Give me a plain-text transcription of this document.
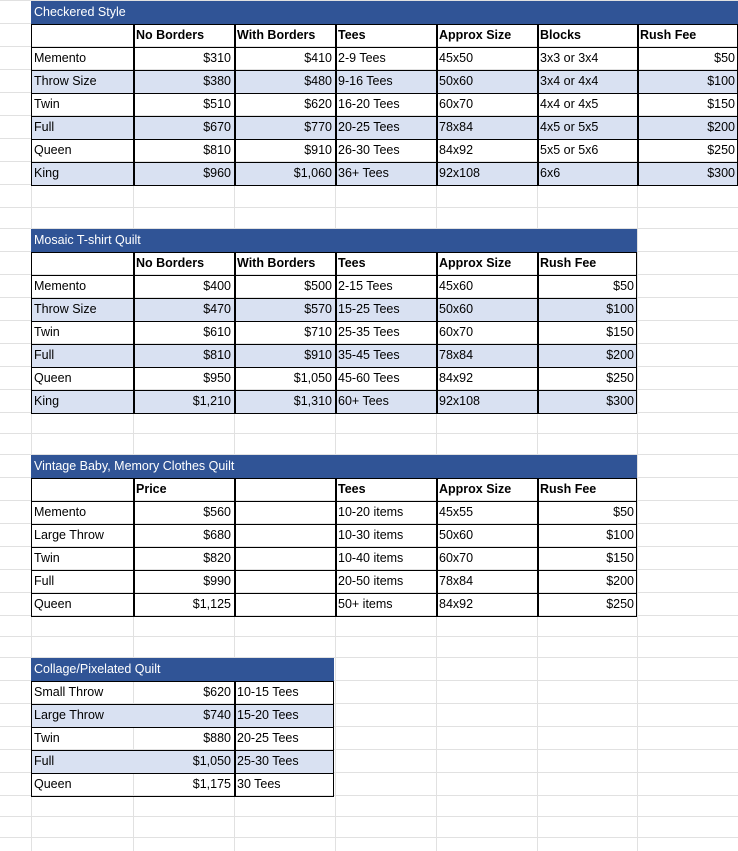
Checkered Style
No Borders	With Borders	Tees	Approx Size	Blocks	Rush Fee
Memento	$310	$410 2-9 Tees	45x50	3x3 or 3x4	$50
Throw Size	$380	$480 9-16 Tees	50x60	3x4 or 4x4	$100
Twin	$510	$620 16-20 Tees	60x70	4x4 or 4x5	$150
Full	$670	$770 20-25 Tees	78x84	4x5 or 5x5	$200
Queen	$810	$910 26-30 Tees	84x92	5x5 or 5x6	$250
King	$960	$1,060 36+ Tees	92x108	6x6	$300
Mosaic T-shirt Quilt
No Borders	With Borders	Tees	Approx Size	Rush Fee
Memento	$400	$500 2-15 Tees	45x60	$50
Throw Size	$470	$570 15-25 Tees	50x60	$100
Twin	$610	$710 25-35 Tees	60x70	$150
Full	$810	$910 35-45 Tees	78x84	$200
Queen	$950	$1,050 45-60 Tees	84x92	$250
King	$1,210	$1,310 60+ Tees	92x108	$300
Vintage Baby, Memory Clothes Quilt
Price	Tees	Approx Size	Rush Fee
Memento	$560	10-20 items	45x55	$50
Large Throw	$680	10-30 items	50x60	$100
Twin	$820	10-40 items	60x70	$150
Full	$990	20-50 items	78x84	$200
Queen	$1,125	50+ items	84x92	$250
Collage/Pixelated Quilt
Small Throw	$620 10-15 Tees
Large Throw	$740 15-20 Tees
Twin	$880 20-25 Tees
Full	$1,050 25-30 Tees
Queen	$1,175 30 Tees
